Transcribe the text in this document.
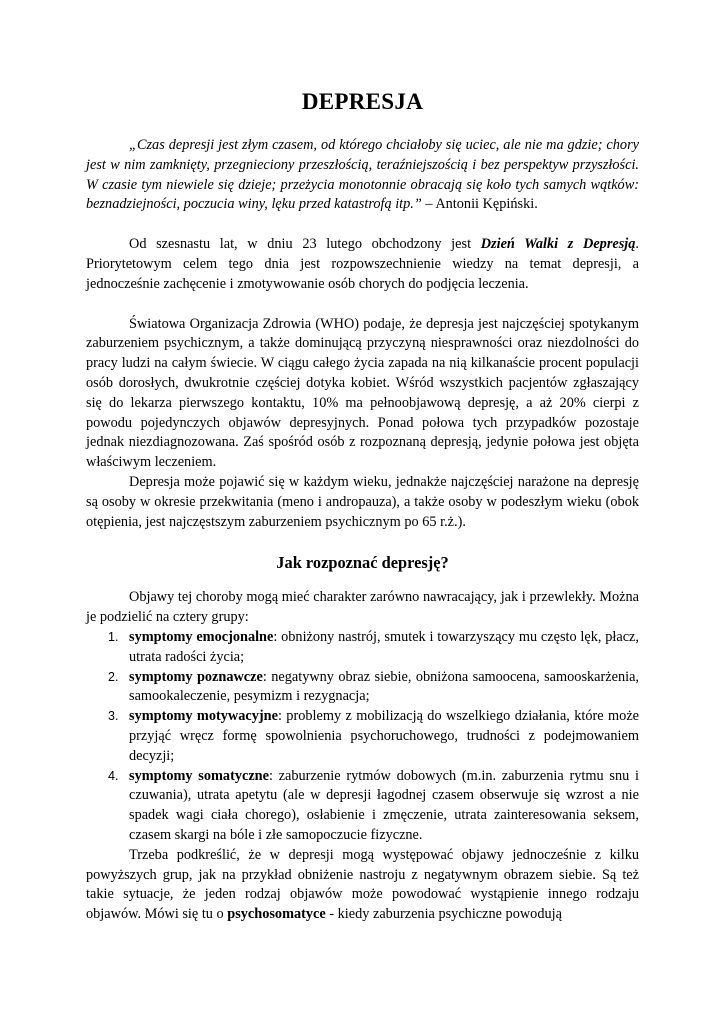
DEPRESJA

„Czas depresji jest złym czasem, od którego chciałoby się uciec, ale nie ma gdzie; chory jest w nim zamknięty, przegnieciony przeszłością, teraźniejszością i bez perspektyw przyszłości. W czasie tym niewiele się dzieje; przeżycia monotonnie obracają się koło tych samych wątków: beznadziejności, poczucia winy, lęku przed katastrofą itp.” – Antonii Kępiński.

Od szesnastu lat, w dniu 23 lutego obchodzony jest Dzień Walki z Depresją. Priorytetowym celem tego dnia jest rozpowszechnienie wiedzy na temat depresji, a jednocześnie zachęcenie i zmotywowanie osób chorych do podjęcia leczenia.

Światowa Organizacja Zdrowia (WHO) podaje, że depresja jest najczęściej spotykanym zaburzeniem psychicznym, a także dominującą przyczyną niesprawności oraz niezdolności do pracy ludzi na całym świecie. W ciągu całego życia zapada na nią kilkanaście procent populacji osób dorosłych, dwukrotnie częściej dotyka kobiet. Wśród wszystkich pacjentów zgłaszający się do lekarza pierwszego kontaktu, 10% ma pełnoobjawową depresję, a aż 20% cierpi z powodu pojedynczych objawów depresyjnych. Ponad połowa tych przypadków pozostaje jednak niezdiagnozowana. Zaś spośród osób z rozpoznaną depresją, jedynie połowa jest objęta właściwym leczeniem.

Depresja może pojawić się w każdym wieku, jednakże najczęściej narażone na depresję są osoby w okresie przekwitania (meno i andropauza), a także osoby w podeszłym wieku (obok otępienia, jest najczęstszym zaburzeniem psychicznym po 65 r.ż.).

Jak rozpoznać depresję?

Objawy tej choroby mogą mieć charakter zarówno nawracający, jak i przewlekły. Można je podzielić na cztery grupy:

1. symptomy emocjonalne: obniżony nastrój, smutek i towarzyszący mu często lęk, płacz, utrata radości życia;
2. symptomy poznawcze: negatywny obraz siebie, obniżona samoocena, samooskarżenia, samookaleczenie, pesymizm i rezygnacja;
3. symptomy motywacyjne: problemy z mobilizacją do wszelkiego działania, które może przyjąć wręcz formę spowolnienia psychoruchowego, trudności z podejmowaniem decyzji;
4. symptomy somatyczne: zaburzenie rytmów dobowych (m.in. zaburzenia rytmu snu i czuwania), utrata apetytu (ale w depresji łagodnej czasem obserwuje się wzrost a nie spadek wagi ciała chorego), osłabienie i zmęczenie, utrata zainteresowania seksem, czasem skargi na bóle i złe samopoczucie fizyczne.

Trzeba podkreślić, że w depresji mogą występować objawy jednocześnie z kilku powyższych grup, jak na przykład obniżenie nastroju z negatywnym obrazem siebie. Są też takie sytuacje, że jeden rodzaj objawów może powodować wystąpienie innego rodzaju objawów. Mówi się tu o psychosomatyce - kiedy zaburzenia psychiczne powodują
